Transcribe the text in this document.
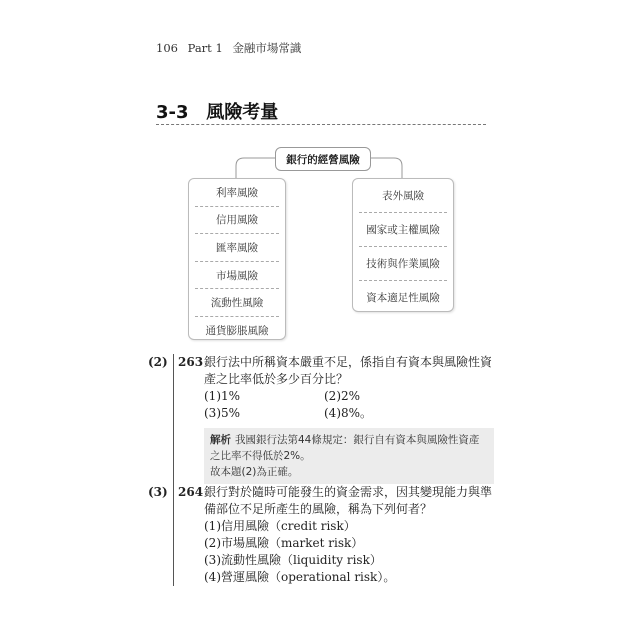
106 Part 1 金融市場常識
3-3 風險考量
銀行的經營風險
利率風險
信用風險
匯率風險
市場風險
流動性風險
通貨膨脹風險
表外風險
國家或主權風險
技術與作業風險
資本適足性風險
(2) 263 銀行法中所稱資本嚴重不足，係指自有資本與風險性資產之比率低於多少百分比？

(1)1%	(2)2%
(3)5%	(4)8%。
解析 我國銀行法第44條規定：銀行自有資本與風險性資產之比率不得低於2%。
故本題(2)為正確。
(3) 264 銀行對於隨時可能發生的資金需求，因其變現能力與準備部位不足所產生的風險，稱為下列何者？

(1)信用風險（credit risk）
(2)市場風險（market risk）
(3)流動性風險（liquidity risk）
(4)營運風險（operational risk）。
